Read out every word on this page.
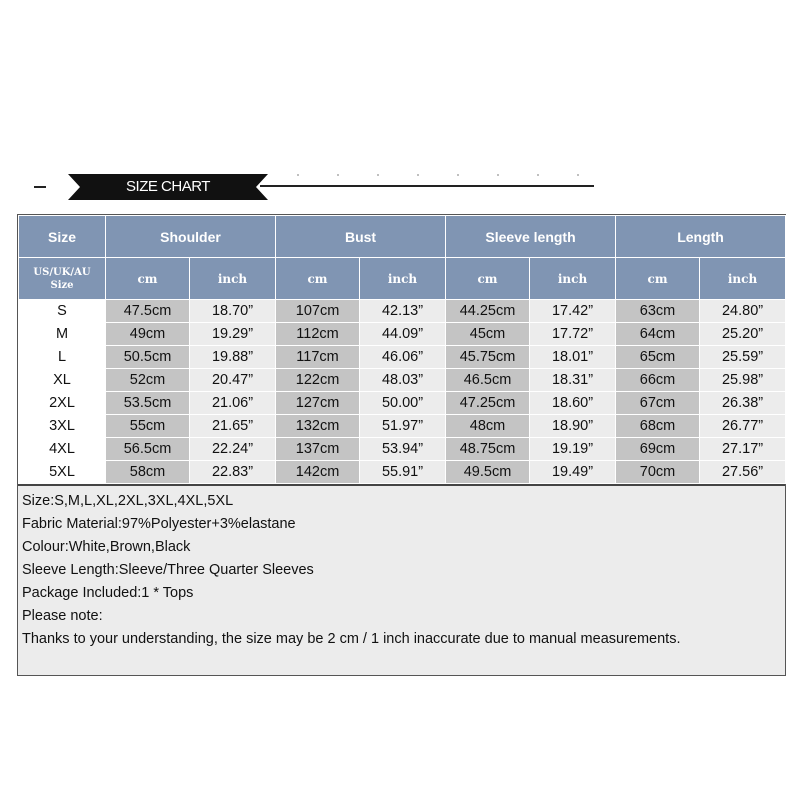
SIZE CHART
Size	Shoulder		Bust		Sleeve length		Length	
US/UK/AU
Size	cm	inch	cm	inch	cm	inch	cm	inch
S	47.5cm	18.70”	107cm	42.13”	44.25cm	17.42”	63cm	24.80”
M	49cm	19.29”	112cm	44.09”	45cm	17.72”	64cm	25.20”
L	50.5cm	19.88”	117cm	46.06”	45.75cm	18.01”	65cm	25.59”
XL	52cm	20.47”	122cm	48.03”	46.5cm	18.31”	66cm	25.98”
2XL	53.5cm	21.06”	127cm	50.00”	47.25cm	18.60”	67cm	26.38”
3XL	55cm	21.65”	132cm	51.97”	48cm	18.90”	68cm	26.77”
4XL	56.5cm	22.24”	137cm	53.94”	48.75cm	19.19”	69cm	27.17”
5XL	58cm	22.83”	142cm	55.91”	49.5cm	19.49”	70cm	27.56”
Size:S,M,L,XL,2XL,3XL,4XL,5XL
Fabric Material:97%Polyester+3%elastane
Colour:White,Brown,Black
Sleeve Length:Sleeve/Three Quarter Sleeves
Package Included:1 * Tops
Please note:
Thanks to your understanding, the size may be 2 cm / 1 inch inaccurate due to manual measurements.
